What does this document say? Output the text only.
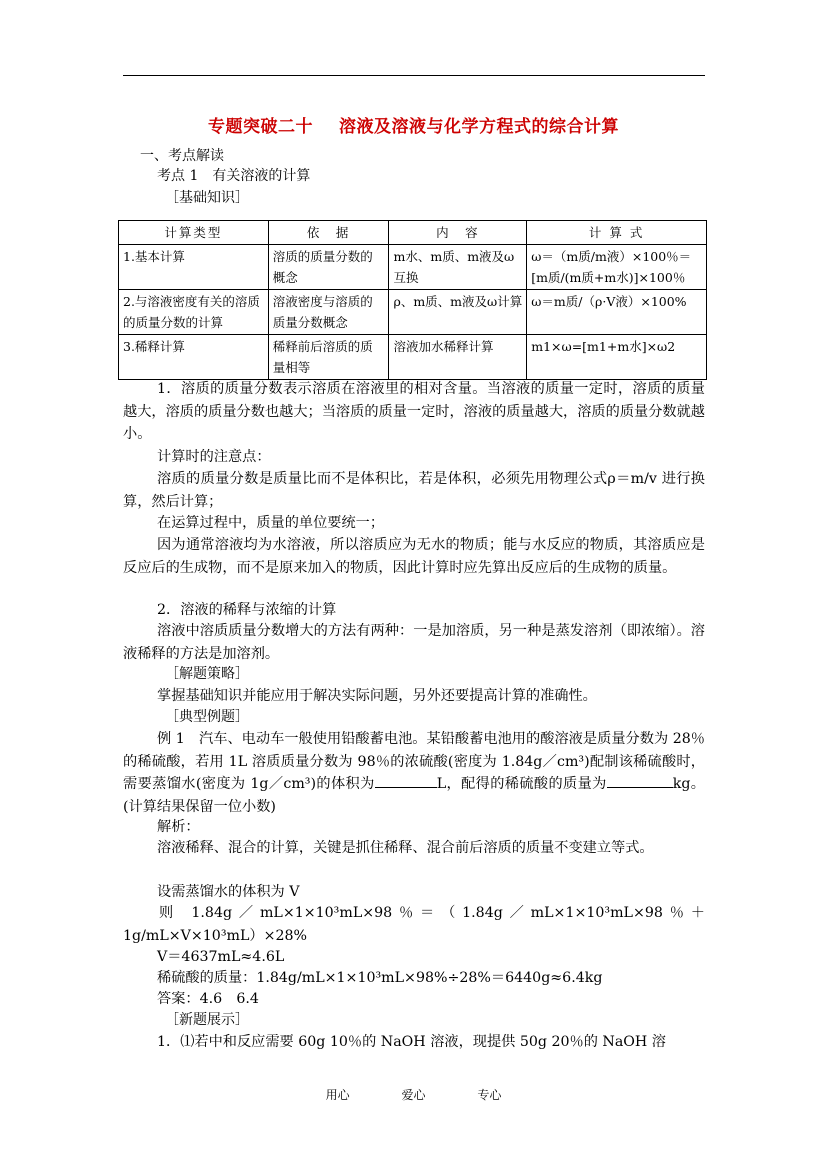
专题突破二十 溶液及溶液与化学方程式的综合计算
一、考点解读
考点 1　有关溶液的计算
［基础知识］
计算类型	依　据	内　容	计 算 式
1.基本计算	溶质的质量分数的概念	m水、m质、m液及ω互换	ω＝（m质/m液）×100％＝[m质/(m质+m水)]×100％
2.与溶液密度有关的溶质的质量分数的计算	溶液密度与溶质的质量分数概念	ρ、m质、m液及ω计算	ω＝m质/（ρ·V液）×100%
3.稀释计算	稀释前后溶质的质量相等	溶液加水稀释计算	m1×ω=[m1+m水]×ω2
1．溶质的质量分数表示溶质在溶液里的相对含量。当溶液的质量一定时，溶质的质量越大，溶质的质量分数也越大；当溶质的质量一定时，溶液的质量越大，溶质的质量分数就越小。
计算时的注意点：
溶质的质量分数是质量比而不是体积比，若是体积，必须先用物理公式ρ＝m/v 进行换算，然后计算；
在运算过程中，质量的单位要统一；
因为通常溶液均为水溶液，所以溶质应为无水的物质；能与水反应的物质，其溶质应是反应后的生成物，而不是原来加入的物质，因此计算时应先算出反应后的生成物的质量。
2．溶液的稀释与浓缩的计算
溶液中溶质质量分数增大的方法有两种：一是加溶质，另一种是蒸发溶剂（即浓缩）。溶液稀释的方法是加溶剂。
［解题策略］
掌握基础知识并能应用于解决实际问题，另外还要提高计算的准确性。
［典型例题］
例 1　汽车、电动车一般使用铅酸蓄电池。某铅酸蓄电池用的酸溶液是质量分数为 28％的稀硫酸，若用 1L 溶质质量分数为 98％的浓硫酸(密度为 1.84g／cm³)配制该稀硫酸时，需要蒸馏水(密度为 1g／cm³)的体积为	L，配得的稀硫酸的质量为	kg。(计算结果保留一位小数)
解析：
溶液稀释、混合的计算，关键是抓住稀释、混合前后溶质的质量不变建立等式。
设需蒸馏水的体积为 V
则 1.84g／mL×1×10³mL×98％＝（1.84g／mL×1×10³mL×98％＋1g/mL×V×10³mL）×28%
V＝4637mL≈4.6L
稀硫酸的质量：1.84g/mL×1×10³mL×98%÷28%＝6440g≈6.4kg
答案：4.6　6.4
［新题展示］
1．⑴若中和反应需要 60g 10％的 NaOH 溶液，现提供 50g 20％的 NaOH 溶
用心	爱心	专心
